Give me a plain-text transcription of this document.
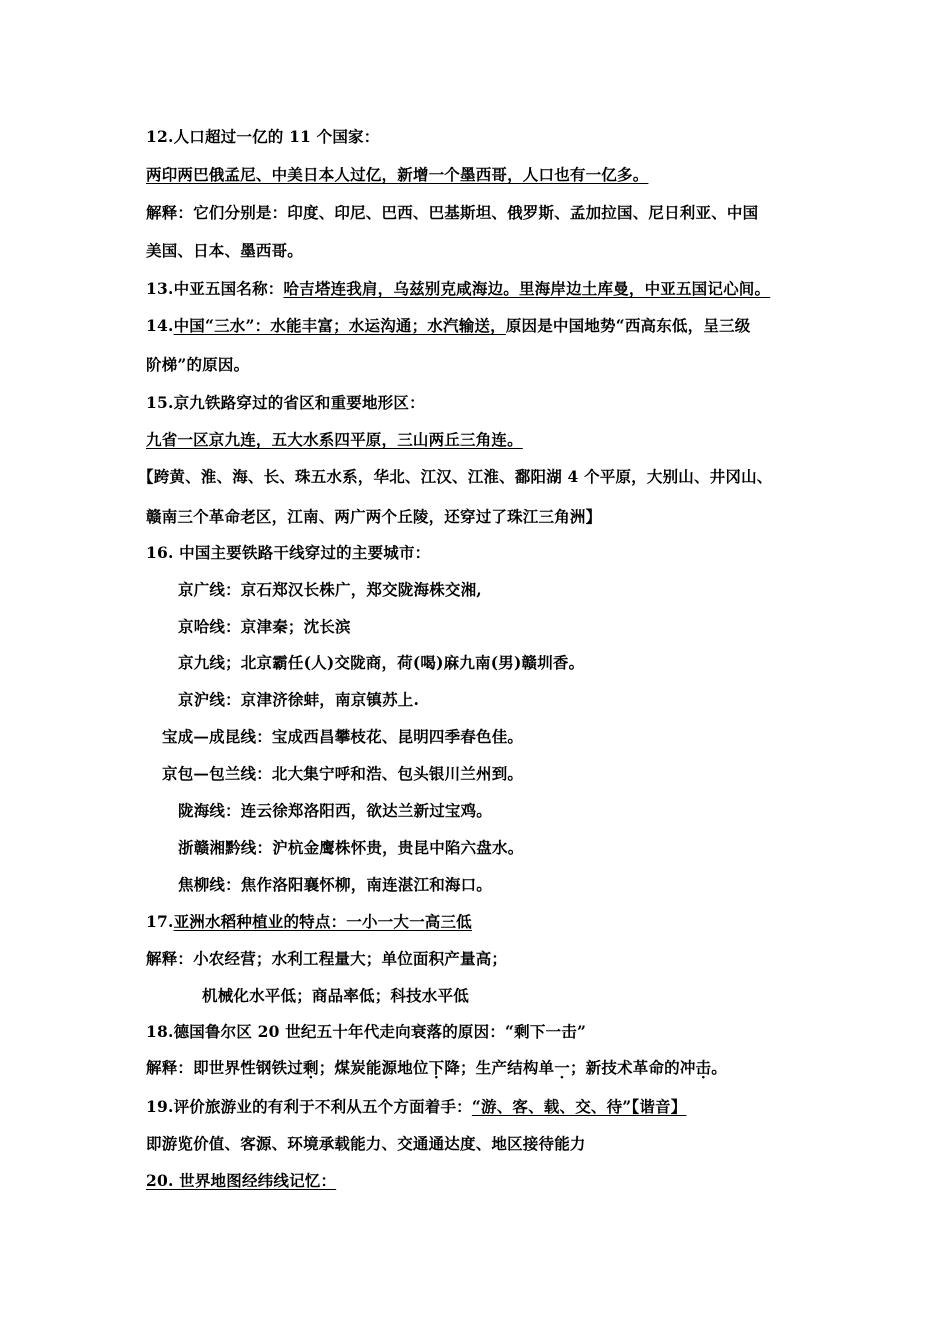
12.人口超过一亿的 11 个国家：
两印两巴俄孟尼、中美日本人过亿，新增一个墨西哥，人口也有一亿多。
解释：它们分别是：印度、印尼、巴西、巴基斯坦、俄罗斯、孟加拉国、尼日利亚、中国
美国、日本、墨西哥。
13.中亚五国名称：哈吉塔连我肩，乌兹别克咸海边。里海岸边土库曼，中亚五国记心间。
14.中国“三水”：水能丰富；水运沟通；水汽输送，原因是中国地势“西高东低，呈三级
阶梯”的原因。
15.京九铁路穿过的省区和重要地形区：
九省一区京九连，五大水系四平原，三山两丘三角连。
【跨黄、淮、海、长、珠五水系，华北、江汉、江淮、鄱阳湖 4 个平原，大别山、井冈山、
赣南三个革命老区，江南、两广两个丘陵，还穿过了珠江三角洲】
16. 中国主要铁路干线穿过的主要城市：
京广线：京石郑汉长株广，郑交陇海株交湘,
京哈线：京津秦；沈长滨
京九线；北京霸任(人)交陇商，荷(喝)麻九南(男)赣圳香。
京沪线：京津济徐蚌，南京镇苏上.
宝成—成昆线：宝成西昌攀枝花、昆明四季春色佳。
京包—包兰线：北大集宁呼和浩、包头银川兰州到。
陇海线：连云徐郑洛阳西，欲达兰新过宝鸡。
浙赣湘黔线：沪杭金鹰株怀贵，贵昆中陷六盘水。
焦柳线：焦作洛阳襄怀柳，南连湛江和海口。
17.亚洲水稻种植业的特点：一小一大一高三低
解释：小农经营；水利工程量大；单位面积产量高；
机械化水平低；商品率低；科技水平低
18.德国鲁尔区 20 世纪五十年代走向衰落的原因：“剩下一击”
解释：即世界性钢铁过剩；煤炭能源地位下降；生产结构单一；新技术革命的冲击。
19.评价旅游业的有利于不利从五个方面着手：“游、客、载、交、待”【谐音】
即游览价值、客源、环境承载能力、交通通达度、地区接待能力
20. 世界地图经纬线记忆：
